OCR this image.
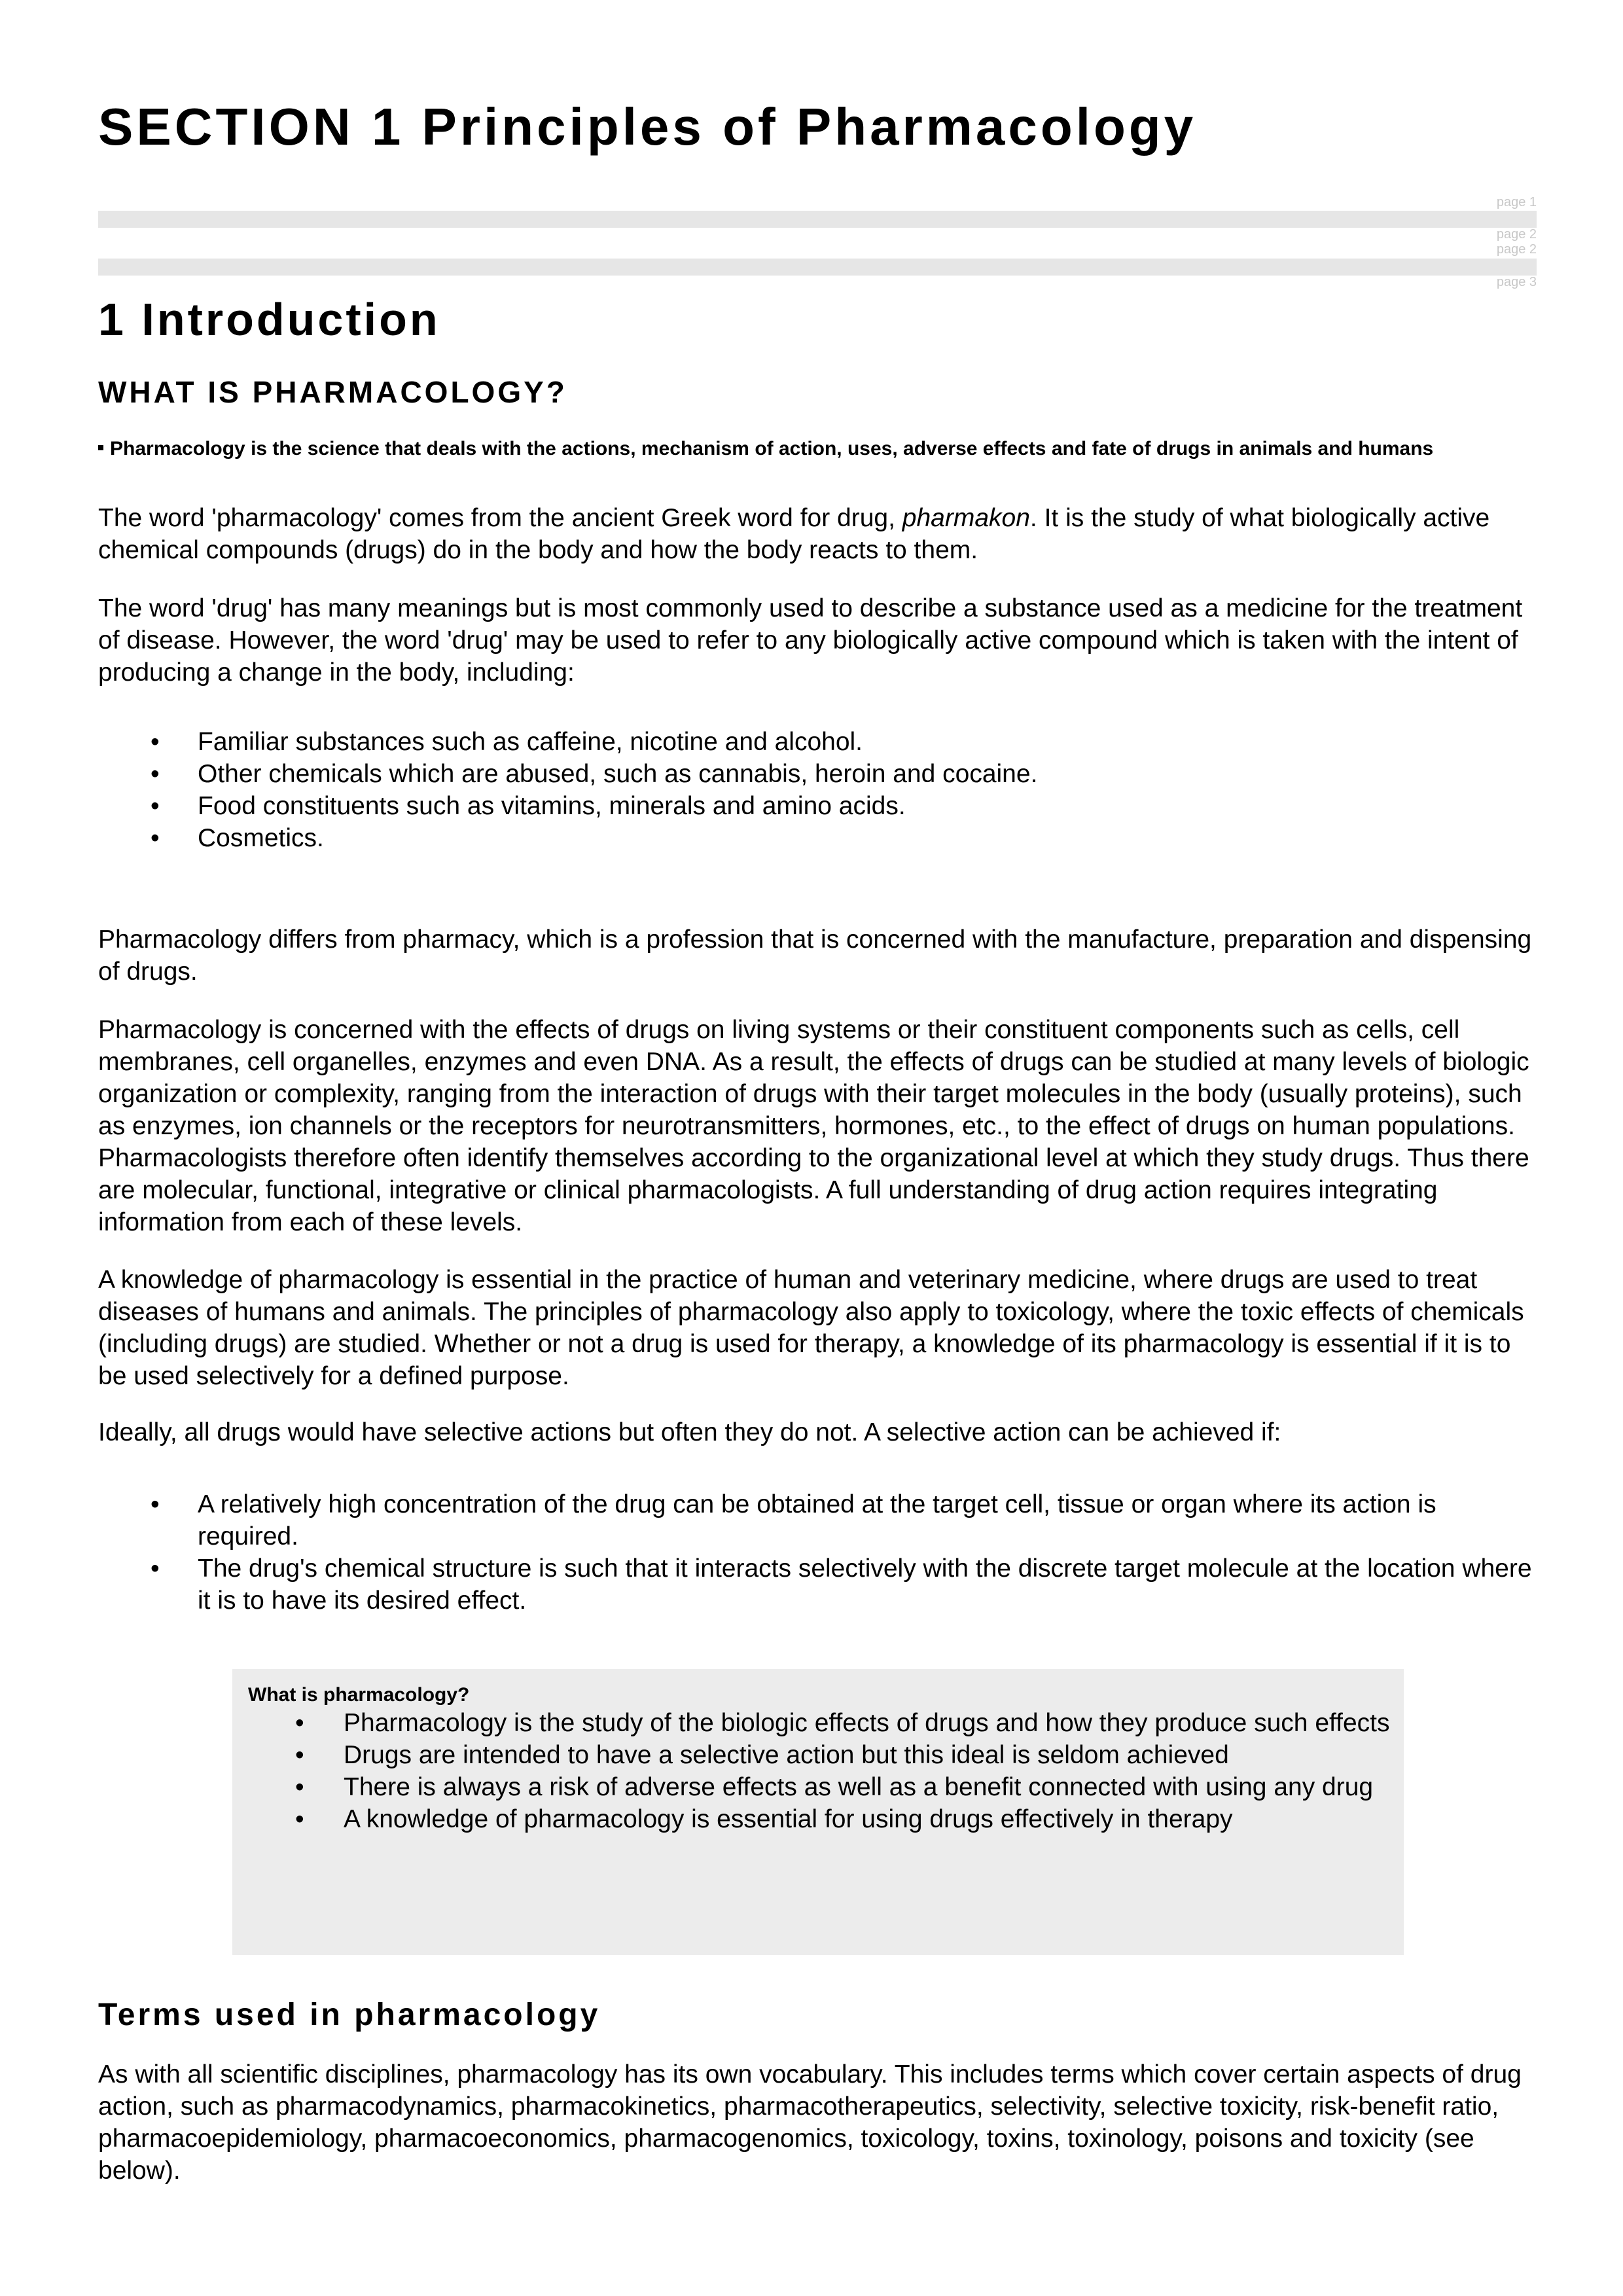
SECTION 1 Principles of Pharmacology
page 1
page 2
page 2
page 3
1 Introduction
WHAT IS PHARMACOLOGY?
Pharmacology is the science that deals with the actions, mechanism of action, uses, adverse effects and fate of drugs in animals and humans
The word 'pharmacology' comes from the ancient Greek word for drug, pharmakon. It is the study of what biologically active chemical compounds (drugs) do in the body and how the body reacts to them.
The word 'drug' has many meanings but is most commonly used to describe a substance used as a medicine for the treatment of disease. However, the word 'drug' may be used to refer to any biologically active compound which is taken with the intent of producing a change in the body, including:
• Familiar substances such as caffeine, nicotine and alcohol.
• Other chemicals which are abused, such as cannabis, heroin and cocaine.
• Food constituents such as vitamins, minerals and amino acids.
• Cosmetics.
Pharmacology differs from pharmacy, which is a profession that is concerned with the manufacture, preparation and dispensing of drugs.
Pharmacology is concerned with the effects of drugs on living systems or their constituent components such as cells, cell membranes, cell organelles, enzymes and even DNA. As a result, the effects of drugs can be studied at many levels of biologic organization or complexity, ranging from the interaction of drugs with their target molecules in the body (usually proteins), such as enzymes, ion channels or the receptors for neurotransmitters, hormones, etc., to the effect of drugs on human populations. Pharmacologists therefore often identify themselves according to the organizational level at which they study drugs. Thus there are molecular, functional, integrative or clinical pharmacologists. A full understanding of drug action requires integrating information from each of these levels.
A knowledge of pharmacology is essential in the practice of human and veterinary medicine, where drugs are used to treat diseases of humans and animals. The principles of pharmacology also apply to toxicology, where the toxic effects of chemicals (including drugs) are studied. Whether or not a drug is used for therapy, a knowledge of its pharmacology is essential if it is to be used selectively for a defined purpose.
Ideally, all drugs would have selective actions but often they do not. A selective action can be achieved if:
• A relatively high concentration of the drug can be obtained at the target cell, tissue or organ where its action is required.
• The drug's chemical structure is such that it interacts selectively with the discrete target molecule at the location where it is to have its desired effect.
What is pharmacology?
• Pharmacology is the study of the biologic effects of drugs and how they produce such effects
• Drugs are intended to have a selective action but this ideal is seldom achieved
• There is always a risk of adverse effects as well as a benefit connected with using any drug
• A knowledge of pharmacology is essential for using drugs effectively in therapy
Terms used in pharmacology
As with all scientific disciplines, pharmacology has its own vocabulary. This includes terms which cover certain aspects of drug action, such as pharmacodynamics, pharmacokinetics, pharmacotherapeutics, selectivity, selective toxicity, risk-benefit ratio, pharmacoepidemiology, pharmacoeconomics, pharmacogenomics, toxicology, toxins, toxinology, poisons and toxicity (see below).
